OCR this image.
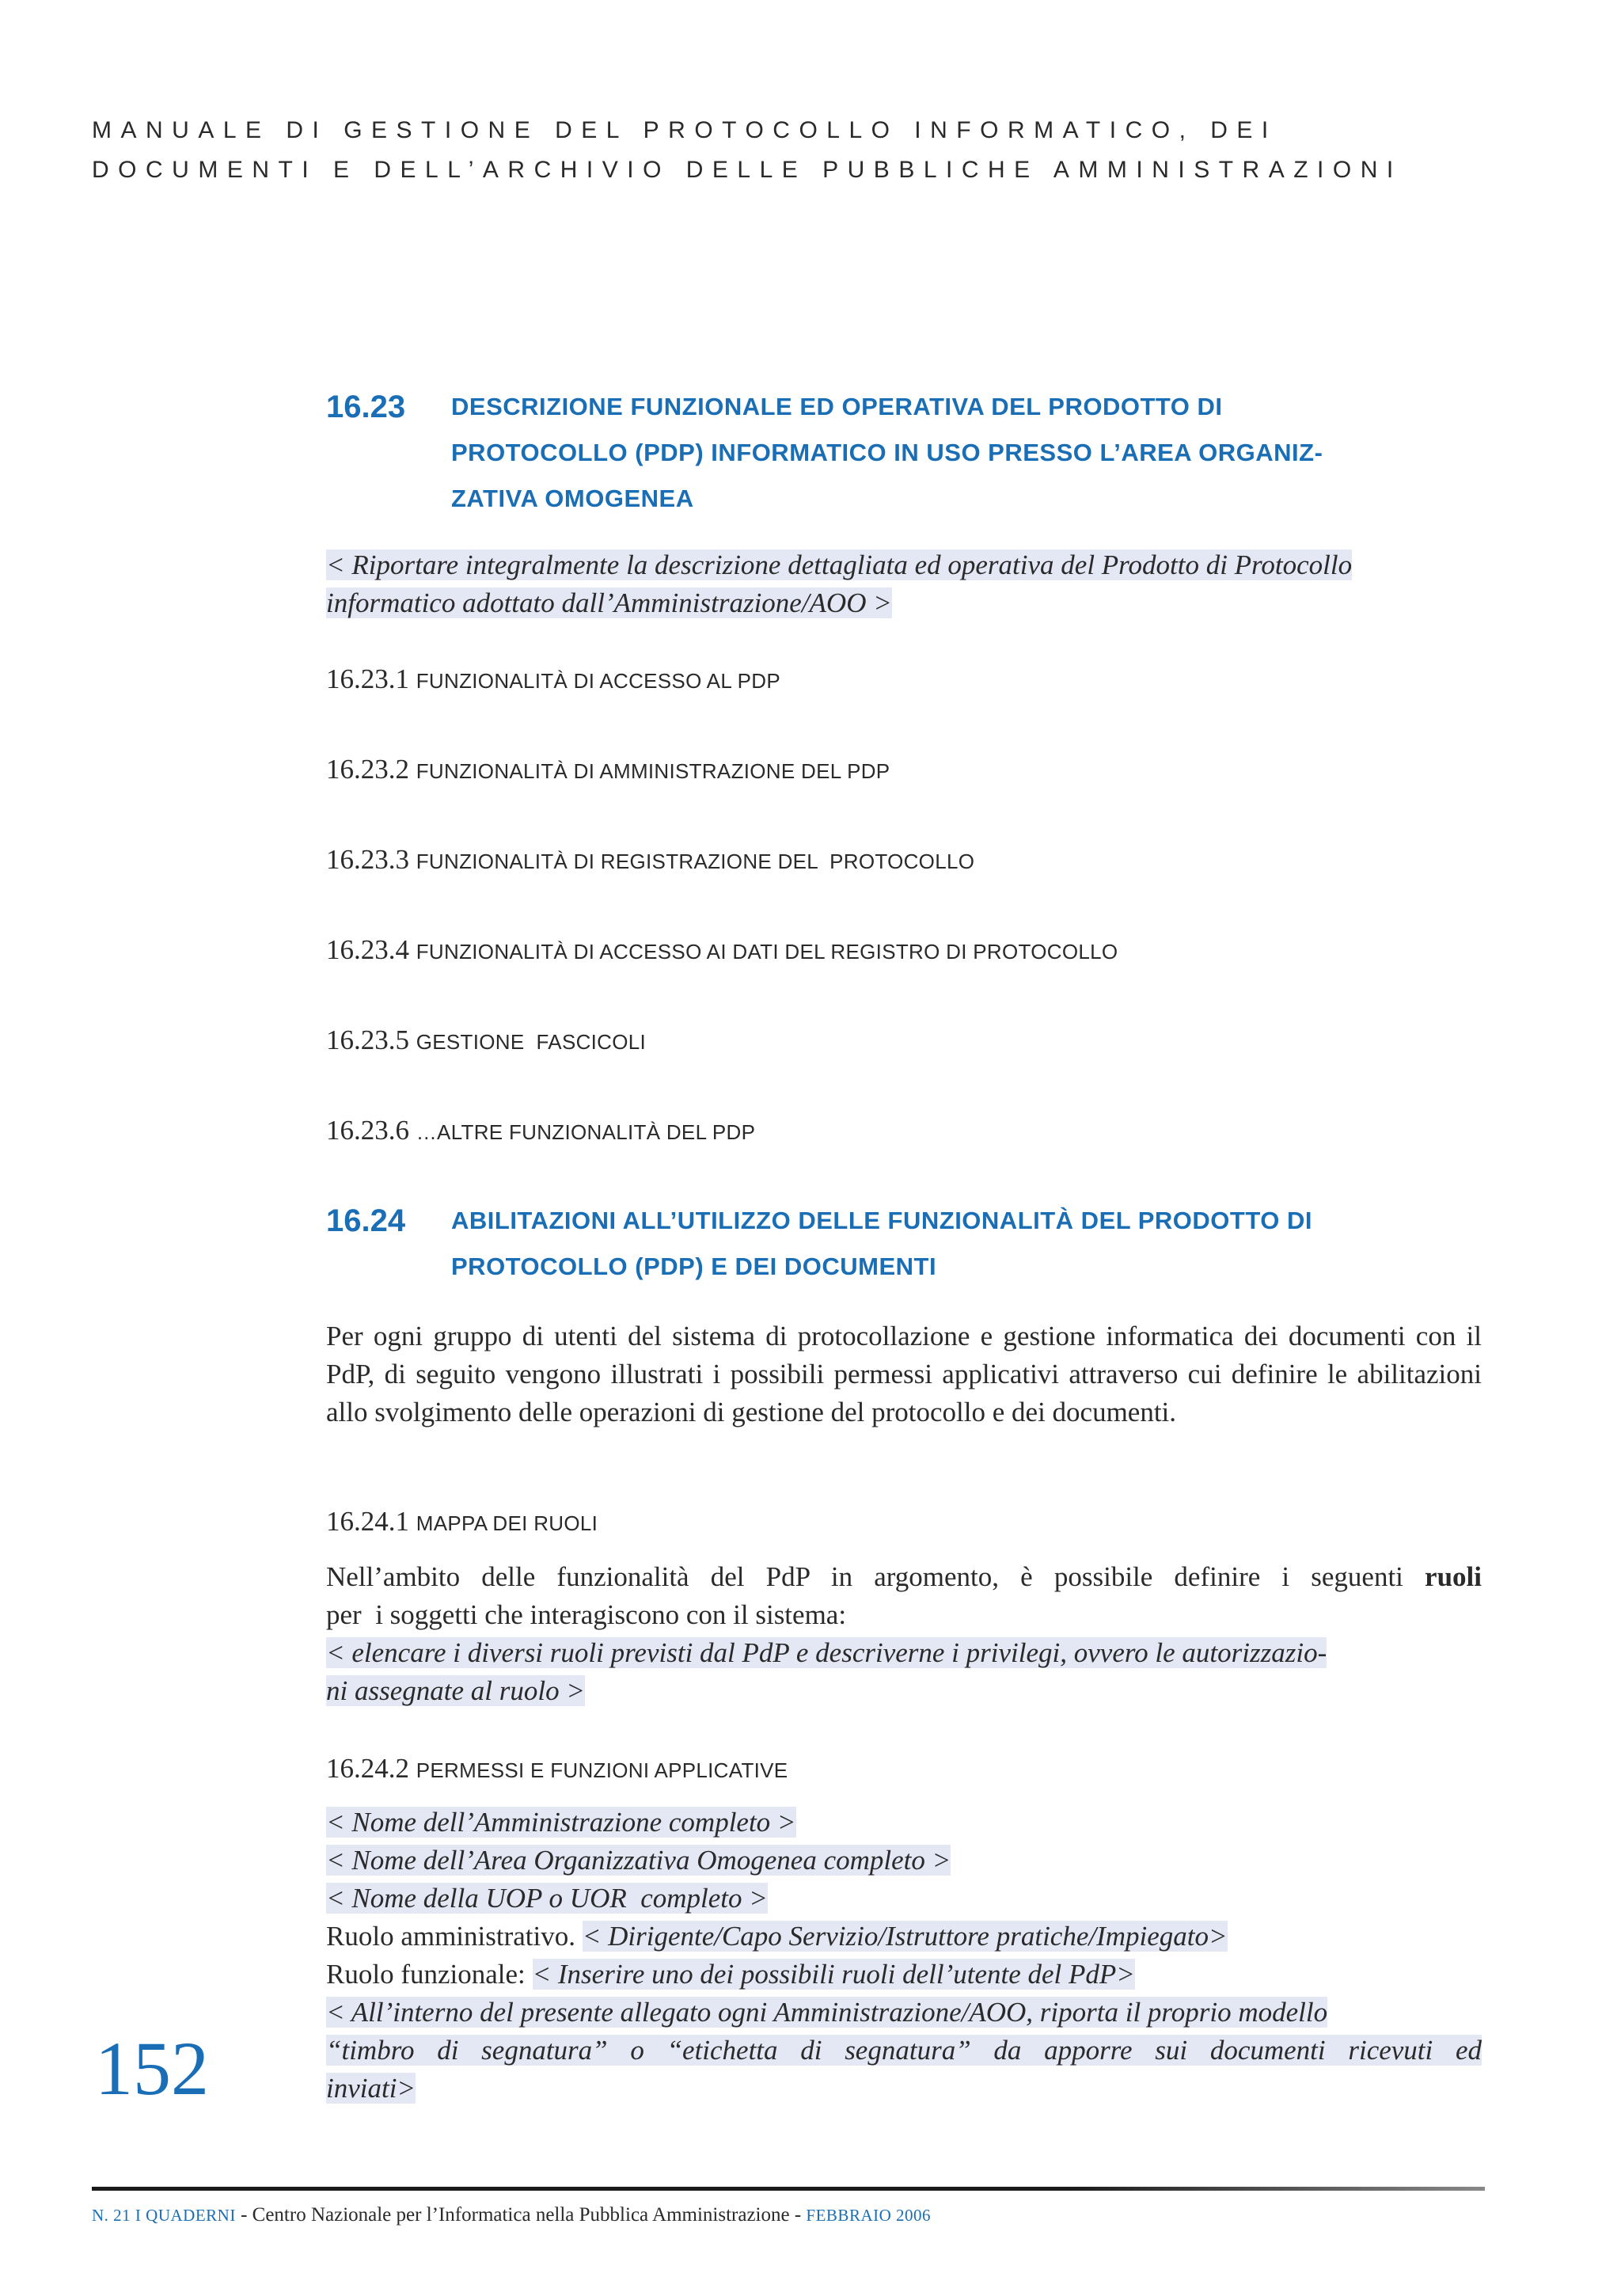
MANUALE DI GESTIONE DEL PROTOCOLLO INFORMATICO, DEI
DOCUMENTI E DELL’ARCHIVIO DELLE PUBBLICHE AMMINISTRAZIONI
16.23 DESCRIZIONE FUNZIONALE ED OPERATIVA DEL PRODOTTO DI
PROTOCOLLO (PDP) INFORMATICO IN USO PRESSO L’AREA ORGANIZ-
ZATIVA OMOGENEA
< Riportare integralmente la descrizione dettagliata ed operativa del Prodotto di Protocollo
informatico adottato dall’Amministrazione/AOO >
16.23.1 FUNZIONALITÀ DI ACCESSO AL PDP
16.23.2 FUNZIONALITÀ DI AMMINISTRAZIONE DEL PDP
16.23.3 FUNZIONALITÀ DI REGISTRAZIONE DEL  PROTOCOLLO
16.23.4 FUNZIONALITÀ DI ACCESSO AI DATI DEL REGISTRO DI PROTOCOLLO
16.23.5 GESTIONE  FASCICOLI
16.23.6 …ALTRE FUNZIONALITÀ DEL PDP
16.24 ABILITAZIONI ALL’UTILIZZO DELLE FUNZIONALITÀ DEL PRODOTTO DI
PROTOCOLLO (PDP) E DEI DOCUMENTI
Per ogni gruppo di utenti del sistema di protocollazione e gestione informatica dei documenti con il PdP, di seguito vengono illustrati i possibili permessi applicativi attraverso cui definire le abilitazioni allo svolgimento delle operazioni di gestione del protocollo e dei documenti.
16.24.1 MAPPA DEI RUOLI
Nell’ambito delle funzionalità del PdP in argomento, è possibile definire i seguenti ruoli
per  i soggetti che interagiscono con il sistema:
< elencare i diversi ruoli previsti dal PdP e descriverne i privilegi, ovvero le autorizzazio-
ni assegnate al ruolo >
16.24.2 PERMESSI E FUNZIONI APPLICATIVE
< Nome dell’Amministrazione completo >
< Nome dell’Area Organizzativa Omogenea completo >
< Nome della UOP o UOR  completo >
Ruolo amministrativo. < Dirigente/Capo Servizio/Istruttore pratiche/Impiegato>
Ruolo funzionale: < Inserire uno dei possibili ruoli dell’utente del PdP>
< All’interno del presente allegato ogni Amministrazione/AOO, riporta il proprio modello
“timbro di segnatura” o “etichetta di segnatura” da apporre sui documenti ricevuti ed
inviati>
152
N. 21 I QUADERNI - Centro Nazionale per l’Informatica nella Pubblica Amministrazione - FEBBRAIO 2006
